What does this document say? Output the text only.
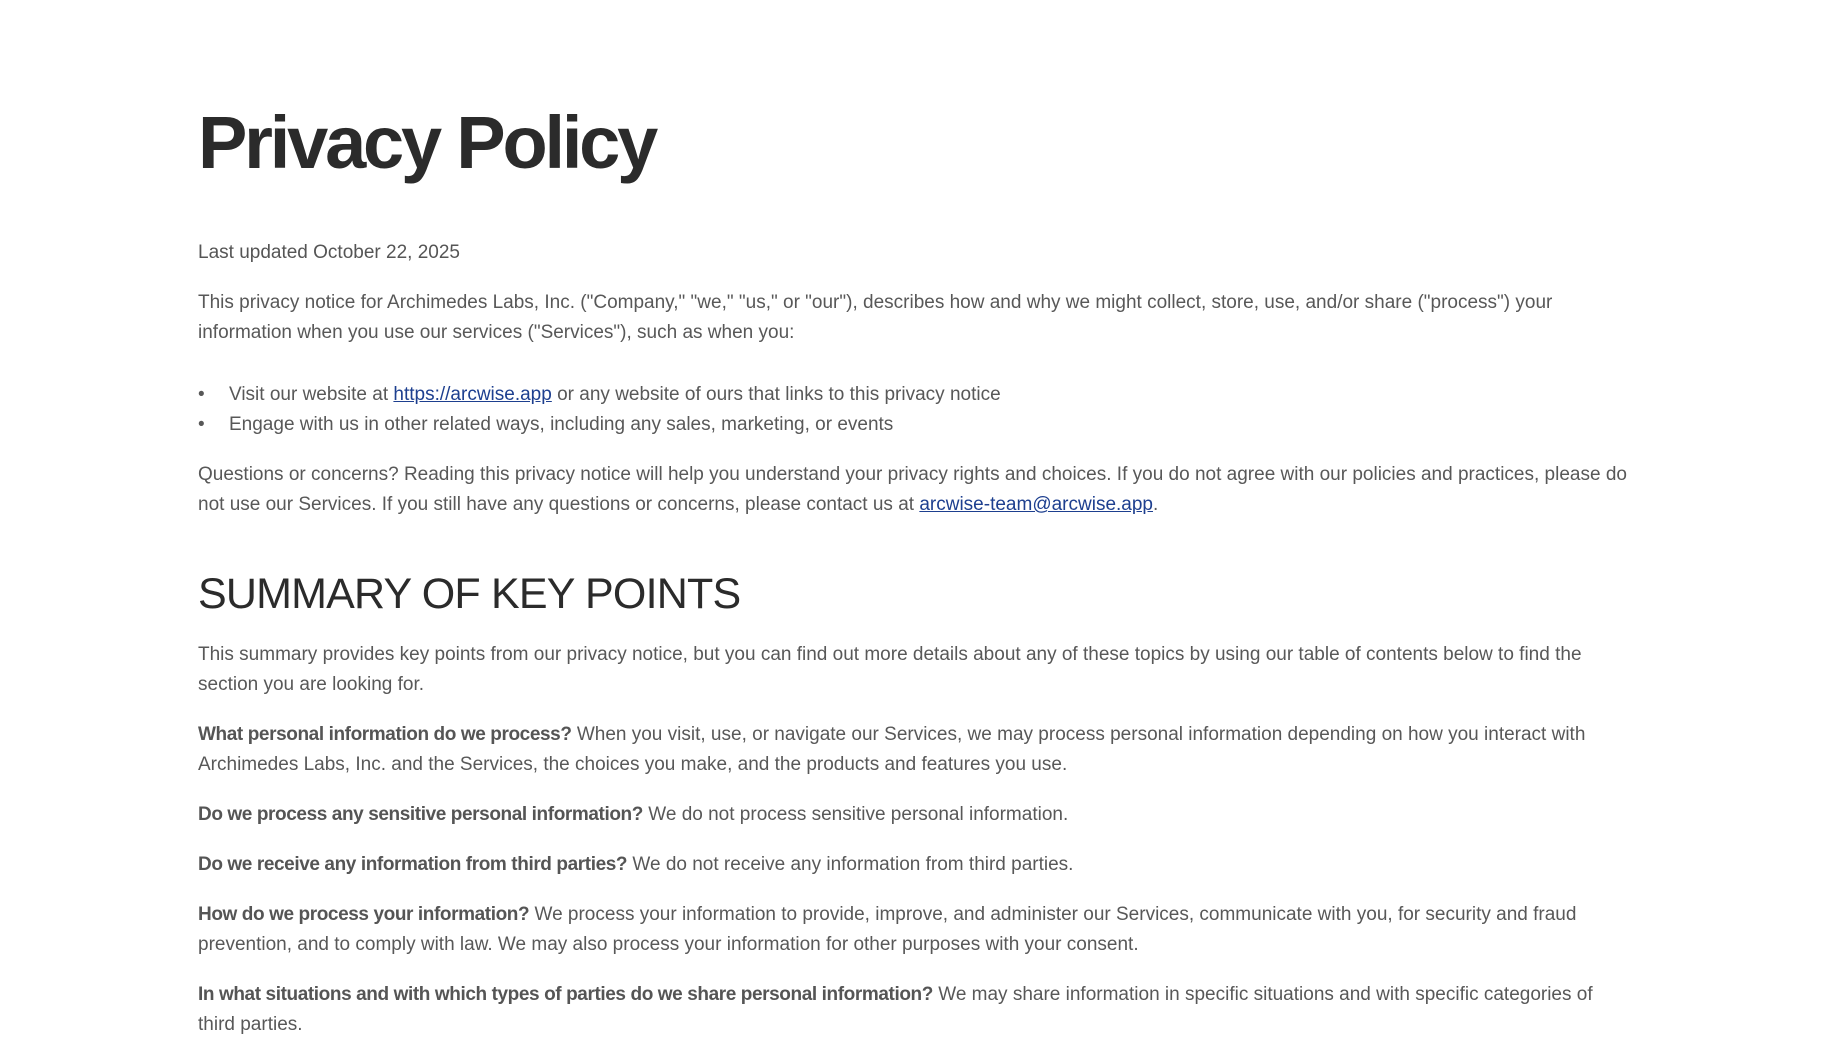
Privacy Policy
Last updated October 22, 2025

This privacy notice for Archimedes Labs, Inc. ("Company," "we," "us," or "our"), describes how and why we might collect, store, use, and/or share ("process") your information when you use our services ("Services"), such as when you:

• Visit our website at https://arcwise.app or any website of ours that links to this privacy notice
• Engage with us in other related ways, including any sales, marketing, or events

Questions or concerns? Reading this privacy notice will help you understand your privacy rights and choices. If you do not agree with our policies and practices, please do not use our Services. If you still have any questions or concerns, please contact us at arcwise-team@arcwise.app.

SUMMARY OF KEY POINTS

This summary provides key points from our privacy notice, but you can find out more details about any of these topics by using our table of contents below to find the section you are looking for.

What personal information do we process? When you visit, use, or navigate our Services, we may process personal information depending on how you interact with Archimedes Labs, Inc. and the Services, the choices you make, and the products and features you use.

Do we process any sensitive personal information? We do not process sensitive personal information.

Do we receive any information from third parties? We do not receive any information from third parties.

How do we process your information? We process your information to provide, improve, and administer our Services, communicate with you, for security and fraud prevention, and to comply with law. We may also process your information for other purposes with your consent.

In what situations and with which types of parties do we share personal information? We may share information in specific situations and with specific categories of third parties.
